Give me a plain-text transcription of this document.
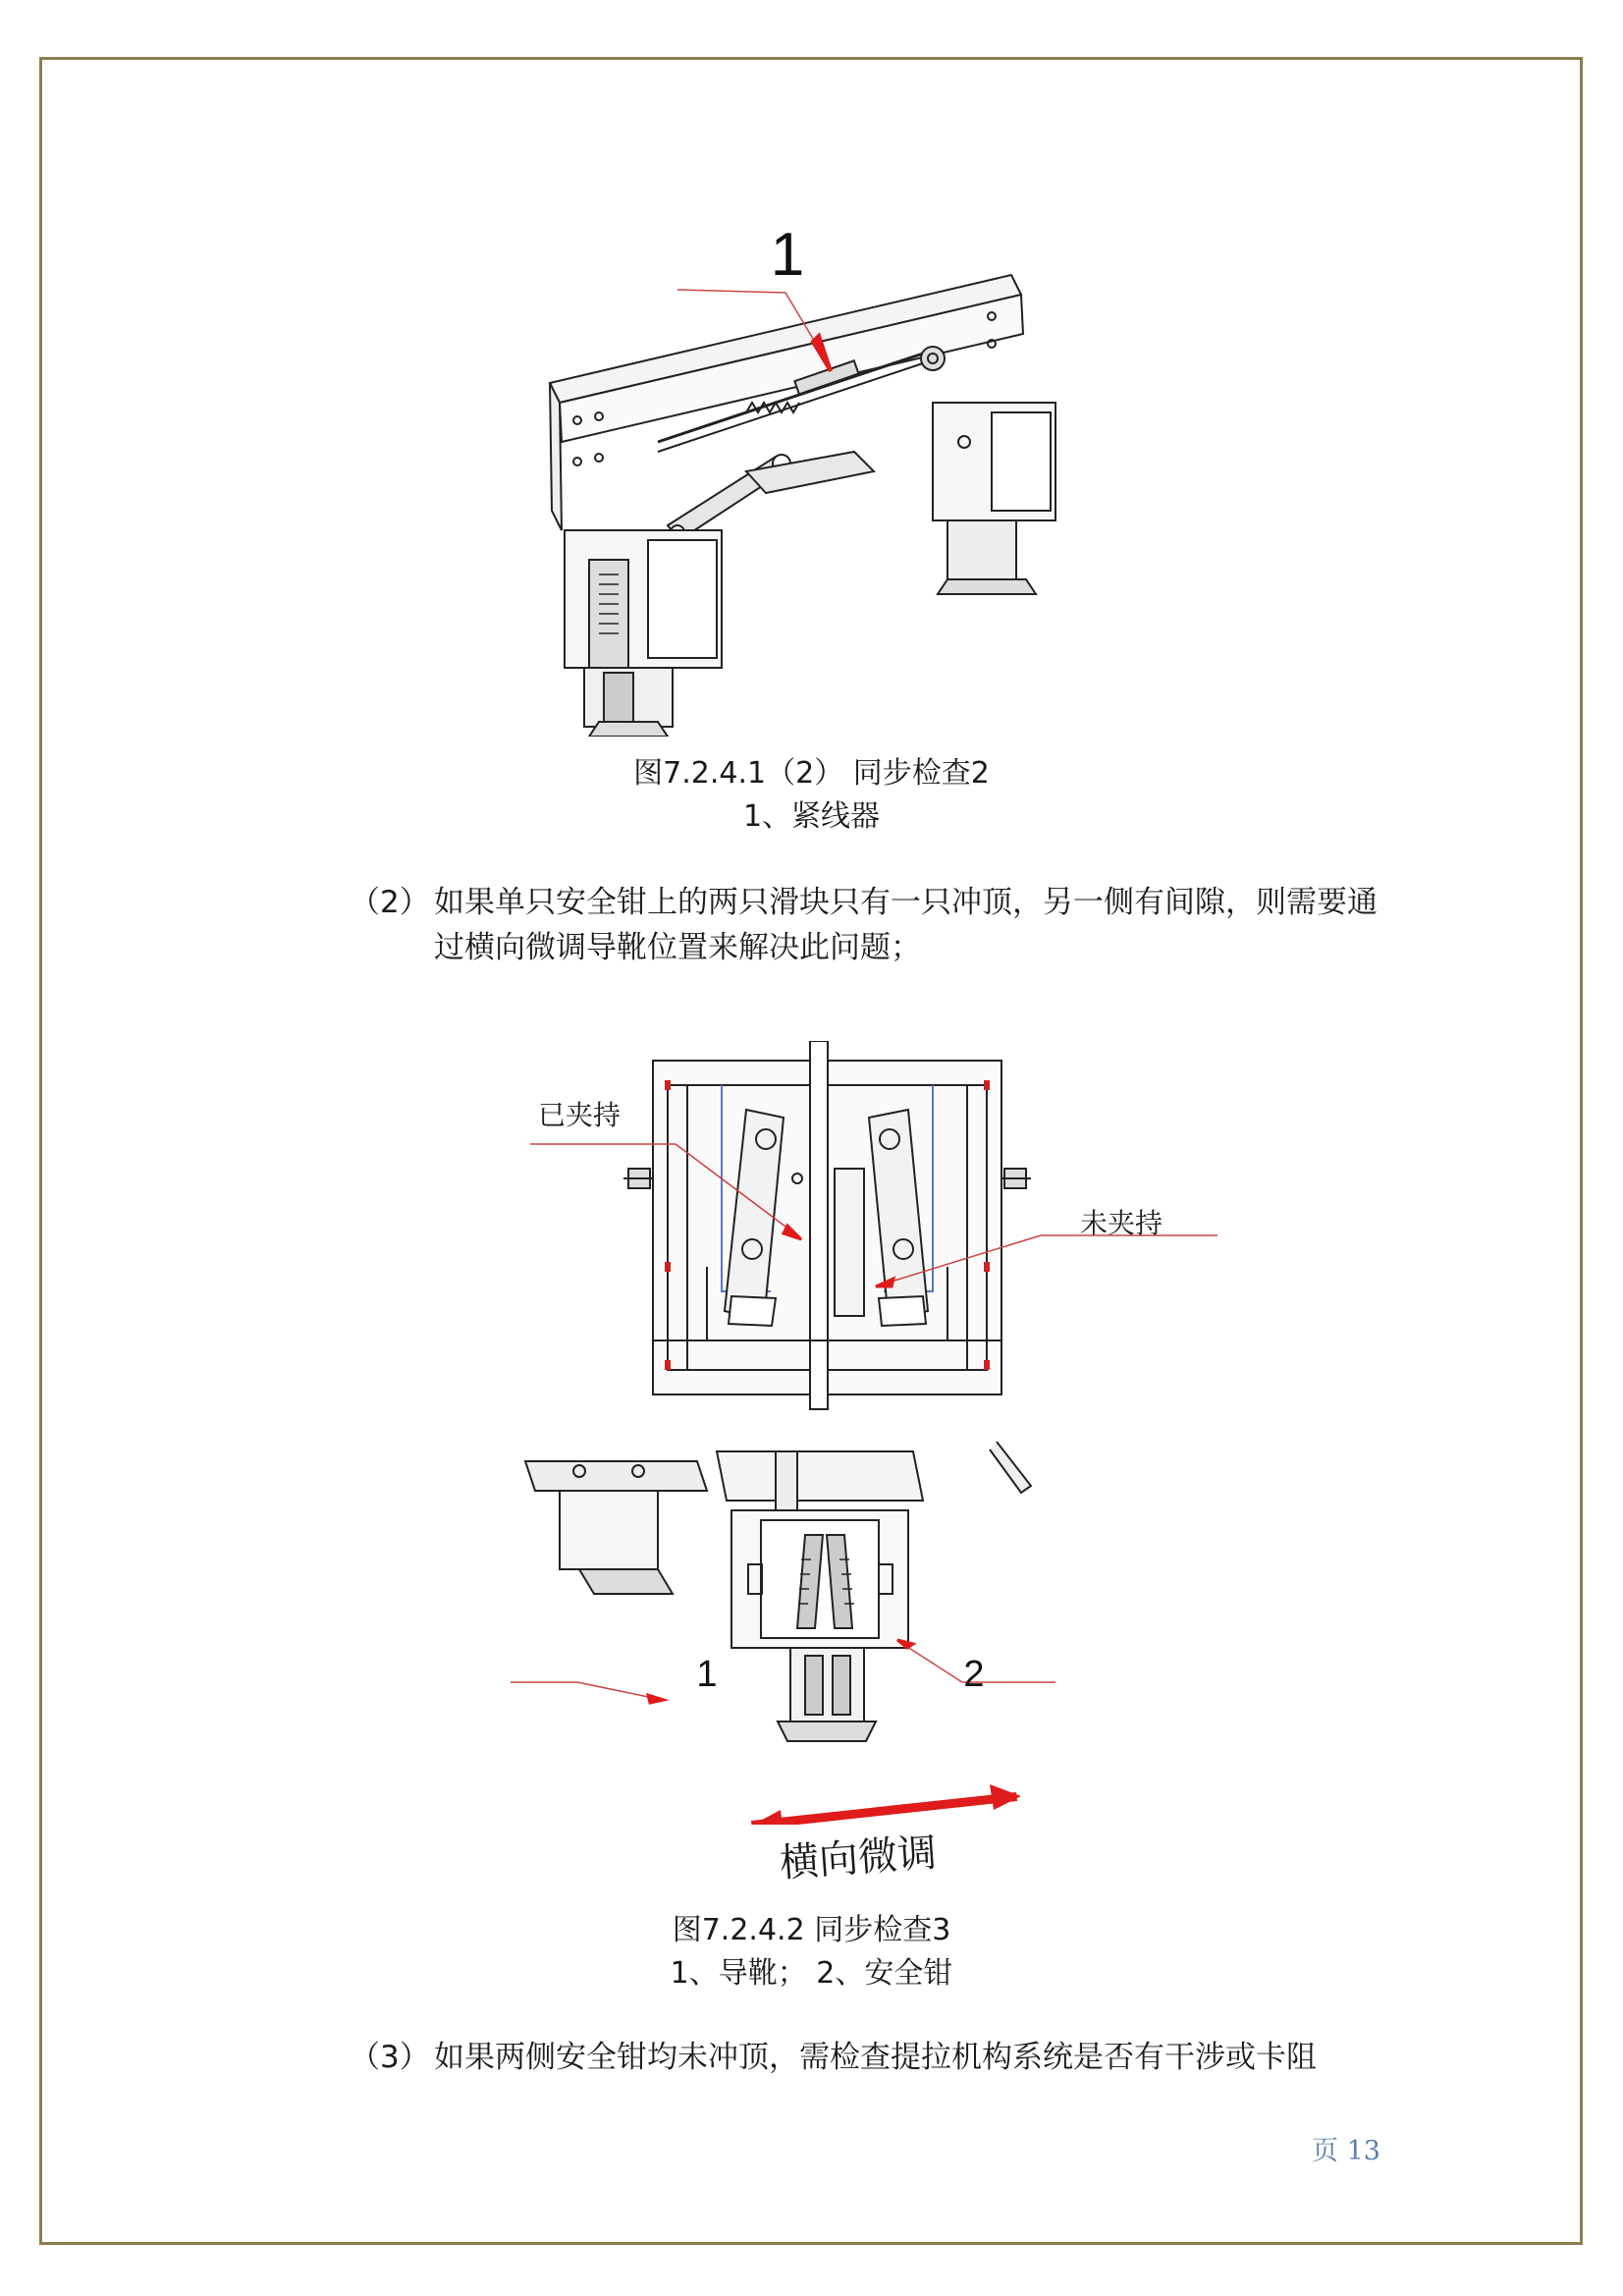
1
图7.2.4.1（2） 同步检查2
1、紧线器
（2） 如果单只安全钳上的两只滑块只有一只冲顶，另一侧有间隙，则需要通过横向微调导靴位置来解决此问题；
已夹持
未夹持
1	2
横向微调
图7.2.4.2 同步检查3
1、导靴； 2、安全钳
（3） 如果两侧安全钳均未冲顶，需检查提拉机构系统是否有干涉或卡阻
页 13
